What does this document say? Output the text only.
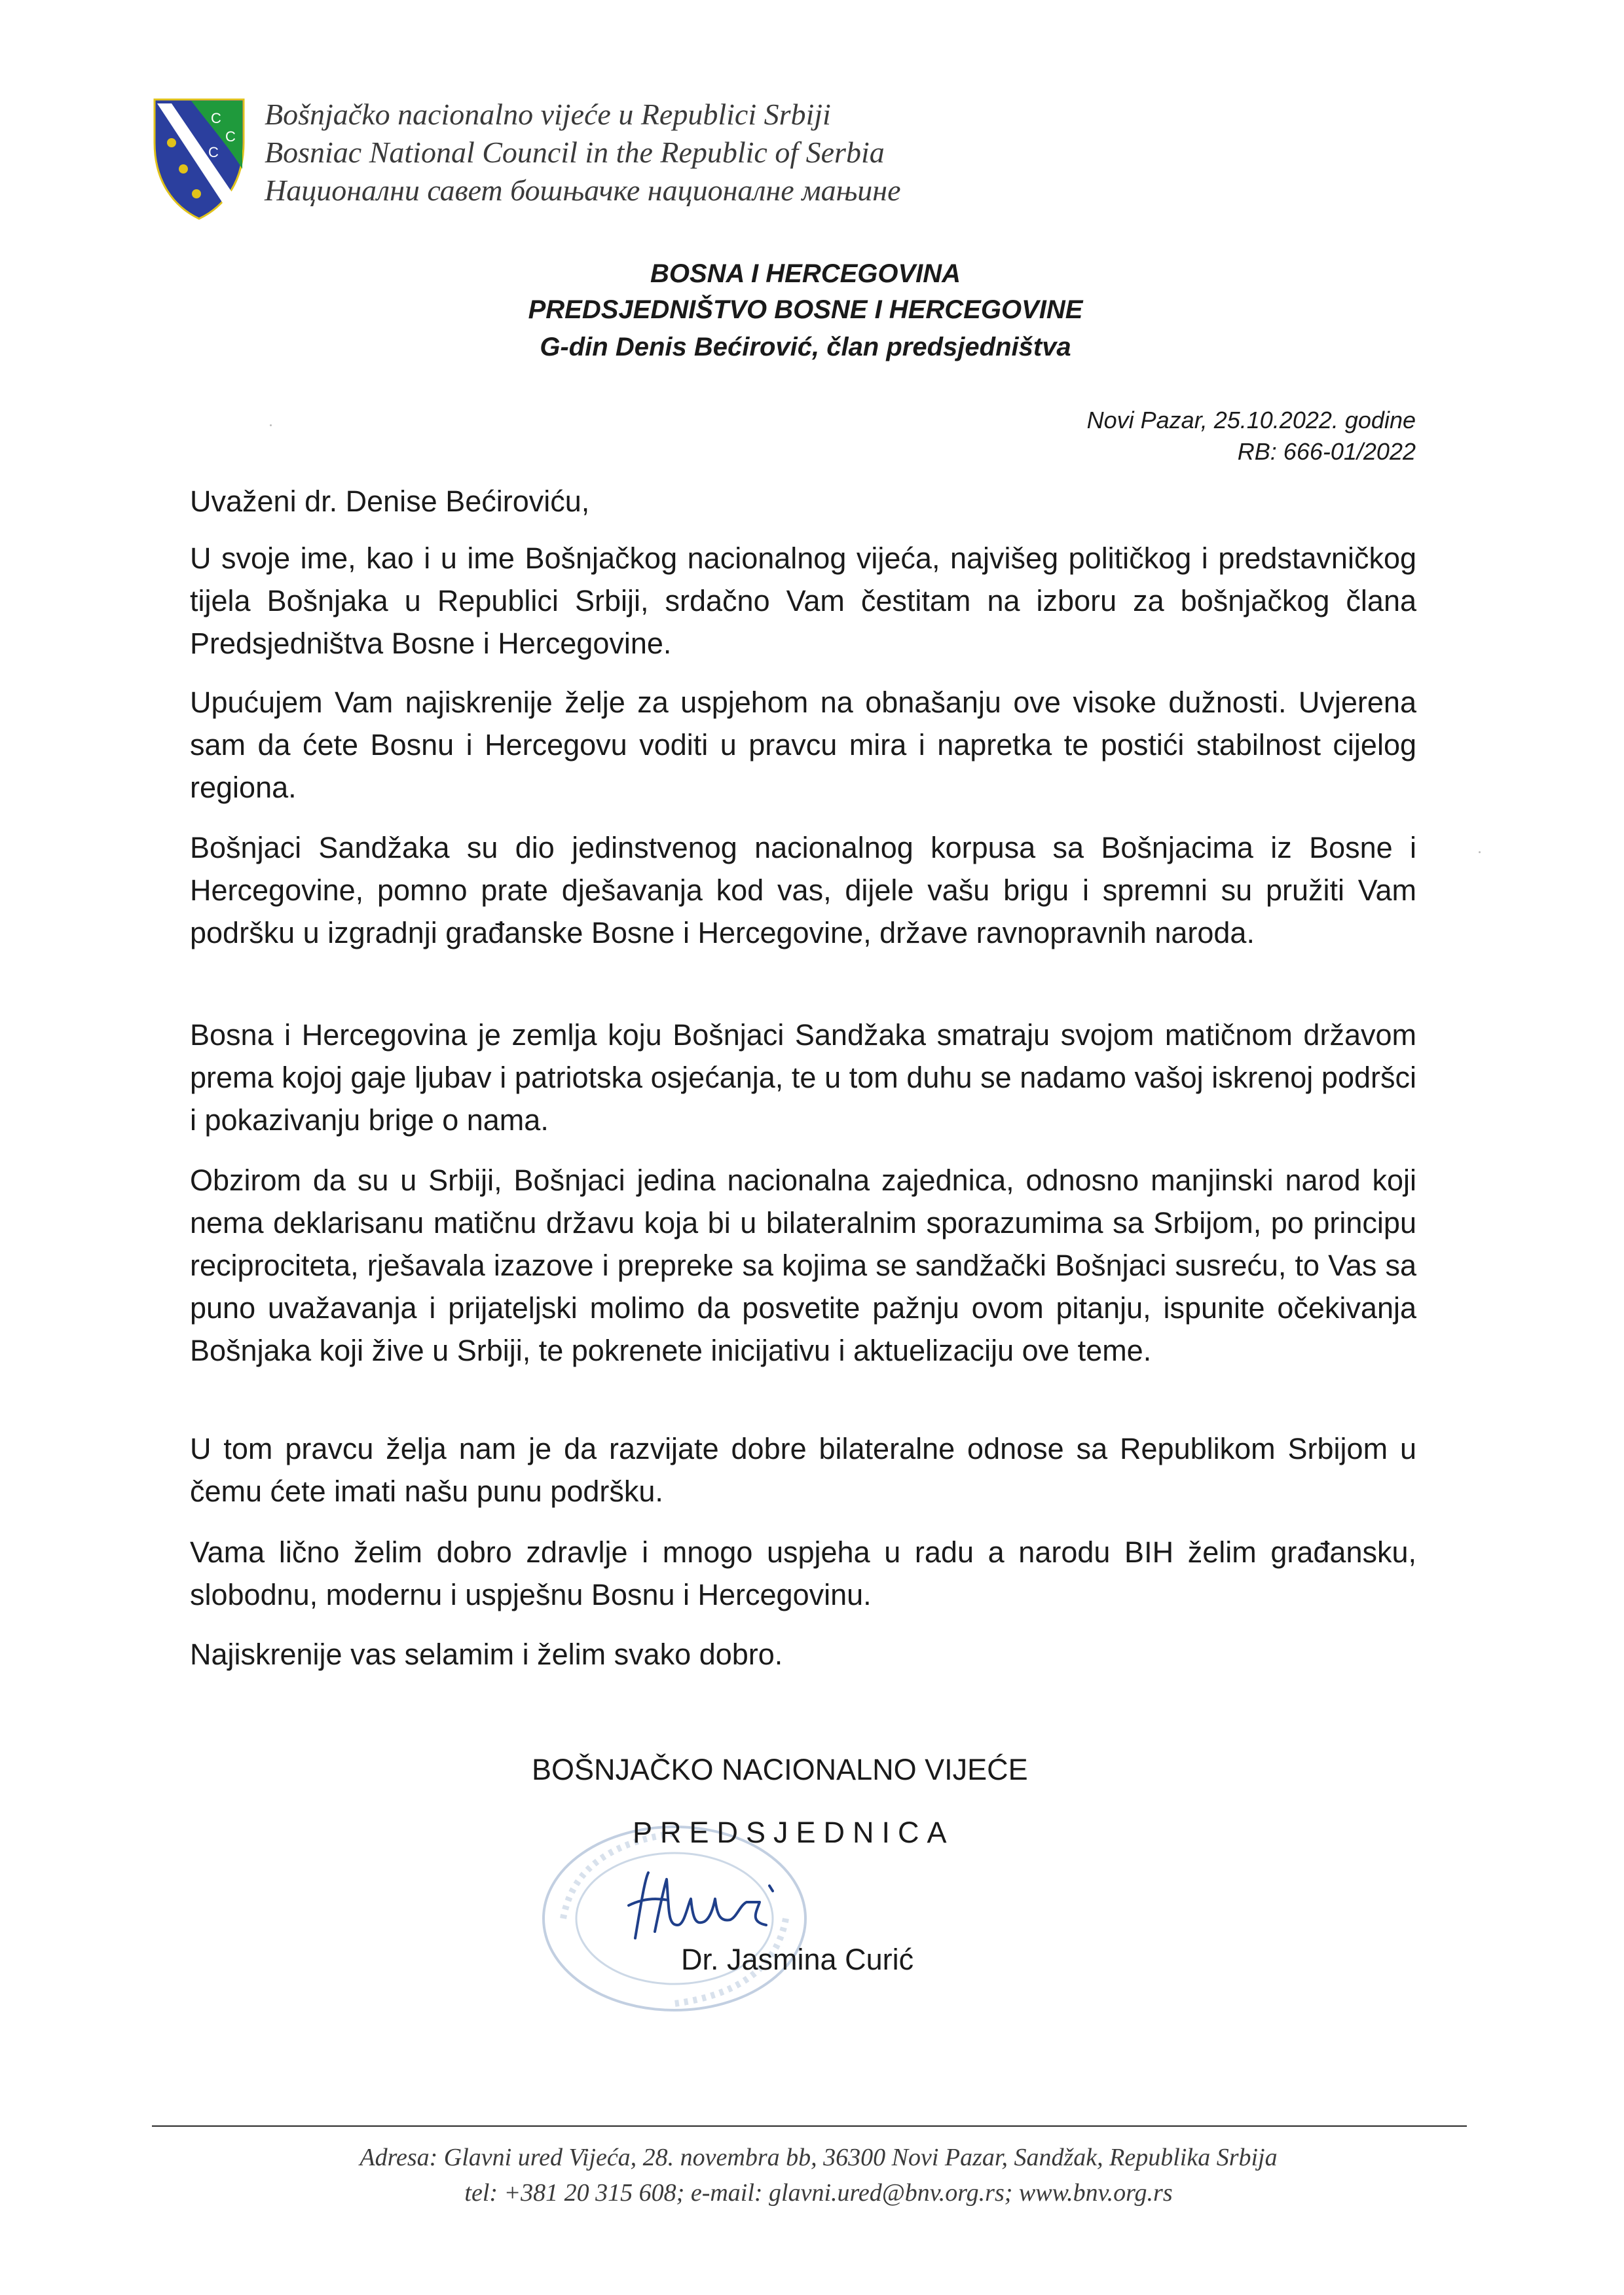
C
C
C
Bošnjačko nacionalno vijeće u Republici Srbiji
Bosniac National Council in the Republic of Serbia
Национални савет бошњачке националне мањине
BOSNA I HERCEGOVINA
PREDSJEDNIŠTVO BOSNE I HERCEGOVINE
G-din Denis Bećirović, član predsjedništva
Novi Pazar, 25.10.2022. godine
RB: 666-01/2022
Uvaženi dr. Denise Bećiroviću,

U svoje ime, kao i u ime Bošnjačkog nacionalnog vijeća, najvišeg političkog i predstavničkog tijela Bošnjaka u Republici Srbiji, srdačno Vam čestitam na izboru za bošnjačkog člana Predsjedništva Bosne i Hercegovine.

Upućujem Vam najiskrenije želje za uspjehom na obnašanju ove visoke dužnosti. Uvjerena sam da ćete Bosnu i Hercegovu voditi u pravcu mira i napretka te postići stabilnost cijelog regiona.

Bošnjaci Sandžaka su dio jedinstvenog nacionalnog korpusa sa Bošnjacima iz Bosne i Hercegovine, pomno prate dješavanja kod vas, dijele vašu brigu i spremni su pružiti Vam podršku u izgradnji građanske Bosne i Hercegovine, države ravnopravnih naroda.

Bosna i Hercegovina je zemlja koju Bošnjaci Sandžaka smatraju svojom matičnom državom prema kojoj gaje ljubav i patriotska osjećanja, te u tom duhu se nadamo vašoj iskrenoj podršci i pokazivanju brige o nama.

Obzirom da su u Srbiji, Bošnjaci jedina nacionalna zajednica, odnosno manjinski narod koji nema deklarisanu matičnu državu koja bi u bilateralnim sporazumima sa Srbijom, po principu reciprociteta, rješavala izazove i prepreke sa kojima se sandžački Bošnjaci susreću, to Vas sa puno uvažavanja i prijateljski molimo da posvetite pažnju ovom pitanju, ispunite očekivanja Bošnjaka koji žive u Srbiji, te pokrenete inicijativu i aktuelizaciju ove teme.

U tom pravcu želja nam je da razvijate dobre bilateralne odnose sa Republikom Srbijom u čemu ćete imati našu punu podršku.

Vama lično želim dobro zdravlje i mnogo uspjeha u radu a narodu BIH želim građansku, slobodnu, modernu i uspješnu Bosnu i Hercegovinu.

Najiskrenije vas selamim i želim svako dobro.

BOŠNJAČKO NACIONALNO VIJEĆE
PREDSJEDNICA
Dr. Jasmina Curić
Adresa: Glavni ured Vijeća, 28. novembra bb, 36300 Novi Pazar, Sandžak, Republika Srbija
tel: +381 20 315 608; e-mail: glavni.ured@bnv.org.rs; www.bnv.org.rs
